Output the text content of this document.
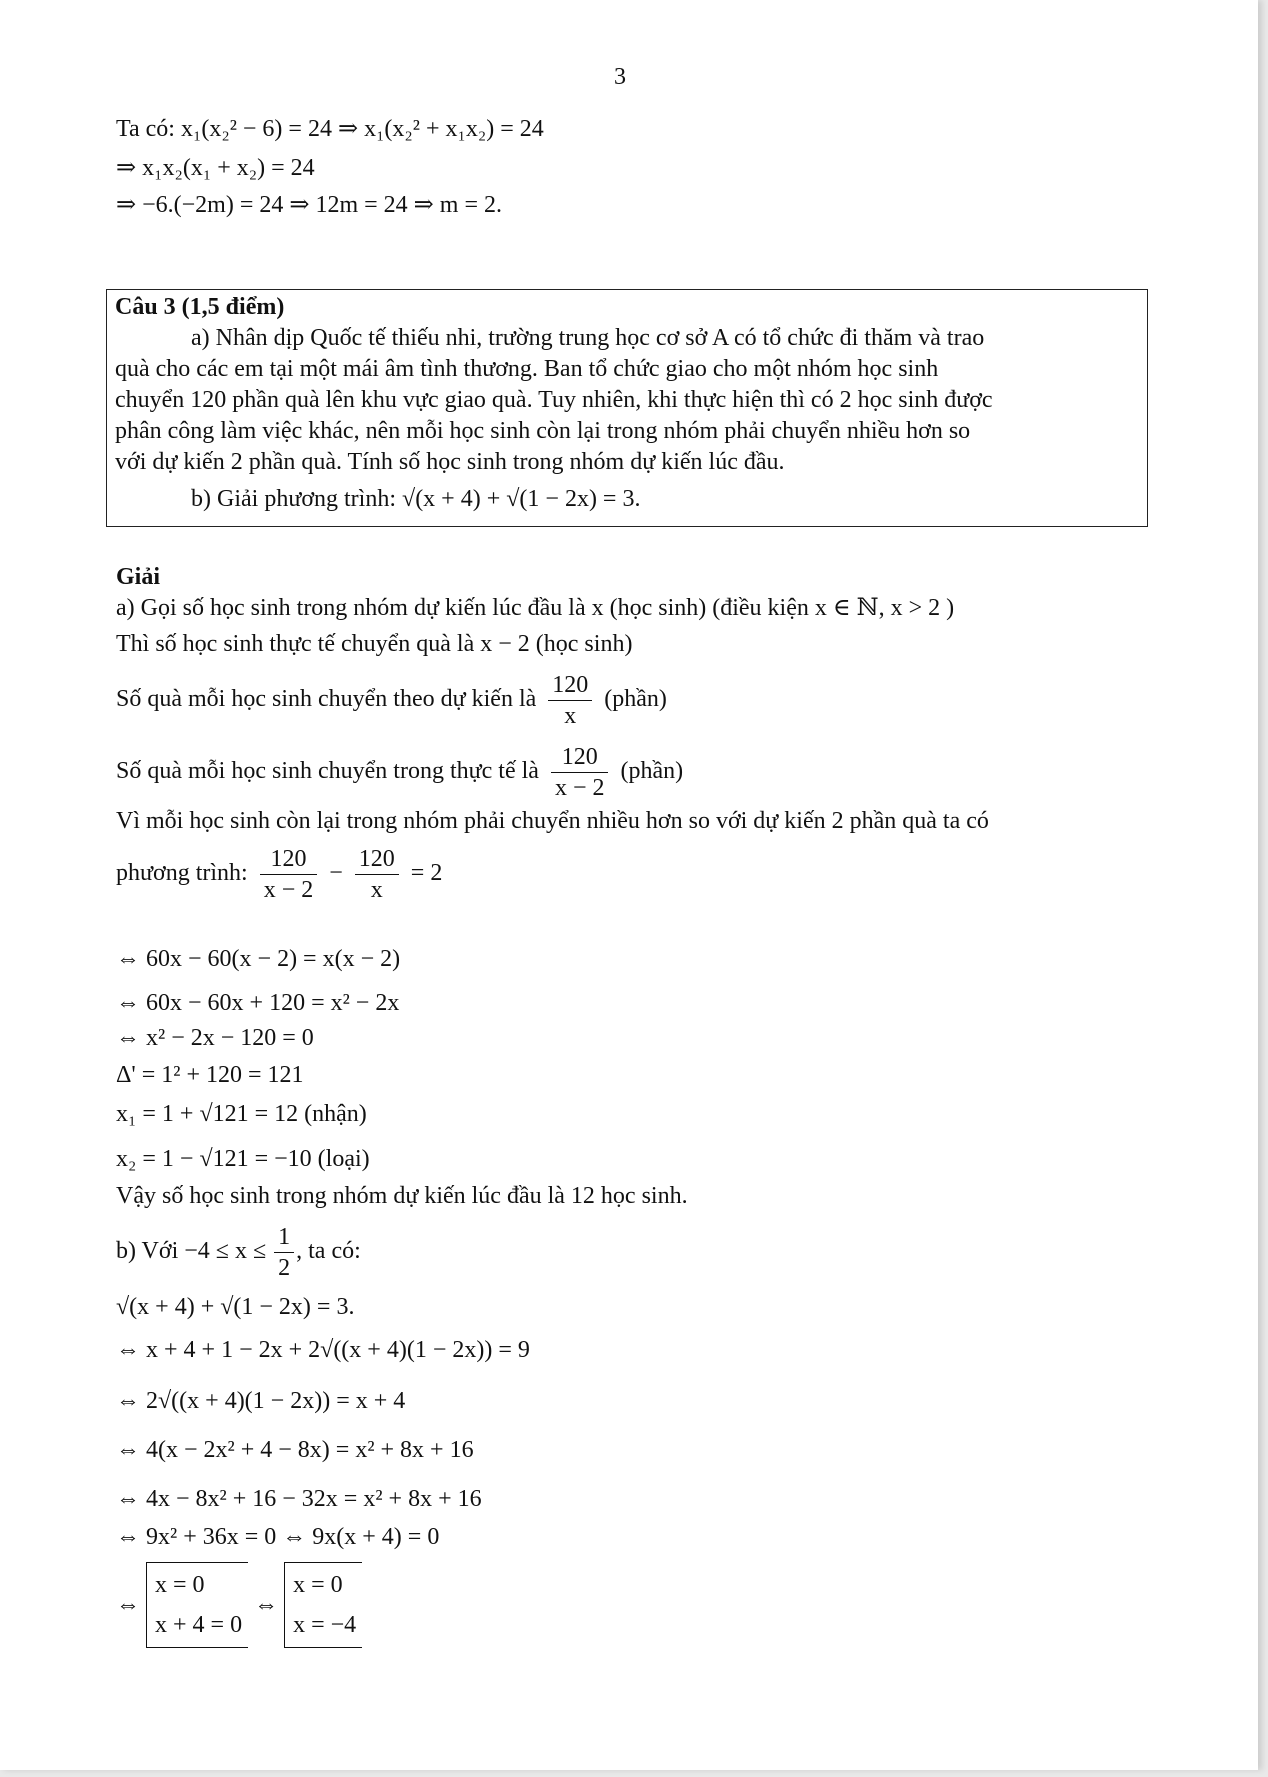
3
Ta có: x₁(x₂² − 6) = 24 ⇒ x₁(x₂² + x₁x₂) = 24
⇒ x₁x₂(x₁ + x₂) = 24
⇒ −6.(−2m) = 24 ⇒ 12m = 24 ⇒ m = 2.
Câu 3 (1,5 điểm)
a) Nhân dịp Quốc tế thiếu nhi, trường trung học cơ sở A có tổ chức đi thăm và trao
quà cho các em tại một mái âm tình thương. Ban tổ chức giao cho một nhóm học sinh
chuyển 120 phần quà lên khu vực giao quà. Tuy nhiên, khi thực hiện thì có 2 học sinh được
phân công làm việc khác, nên mỗi học sinh còn lại trong nhóm phải chuyển nhiều hơn so
với dự kiến 2 phần quà. Tính số học sinh trong nhóm dự kiến lúc đầu.
b) Giải phương trình: √(x + 4) + √(1 − 2x) = 3.
Giải
a) Gọi số học sinh trong nhóm dự kiến lúc đầu là x (học sinh) (điều kiện x ∈ ℕ, x > 2 )
Thì số học sinh thực tế chuyển quà là x − 2 (học sinh)
Số quà mỗi học sinh chuyển theo dự kiến là $\frac{120}{x}$ (phần)
Số quà mỗi học sinh chuyển trong thực tế là $\frac{120}{x - 2}$ (phần)
Vì mỗi học sinh còn lại trong nhóm phải chuyển nhiều hơn so với dự kiến 2 phần quà ta có
phương trình: $\frac{120}{x - 2} - \frac{120}{x} = 2$
⇔ 60x − 60(x − 2) = x(x − 2)
⇔ 60x − 60x + 120 = x² − 2x
⇔ x² − 2x − 120 = 0
Δ' = 1² + 120 = 121
x₁ = 1 + √121 = 12 (nhận)
x₂ = 1 − √121 = −10 (loại)
Vậy số học sinh trong nhóm dự kiến lúc đầu là 12 học sinh.
b) Với $-4 \le x \le \frac{1}{2}$ , ta có:
√(x + 4) + √(1 − 2x) = 3.
⇔ x + 4 + 1 − 2x + 2√((x + 4)(1 − 2x)) = 9
⇔ 2√((x + 4)(1 − 2x)) = x + 4
⇔ 4(x − 2x² + 4 − 8x) = x² + 8x + 16
⇔ 4x − 8x² + 16 − 32x = x² + 8x + 16
⇔ 9x² + 36x = 0 ⇔ 9x(x + 4) = 0
⇔
x = 0
x + 4 = 0
⇔
x = 0
x = −4
